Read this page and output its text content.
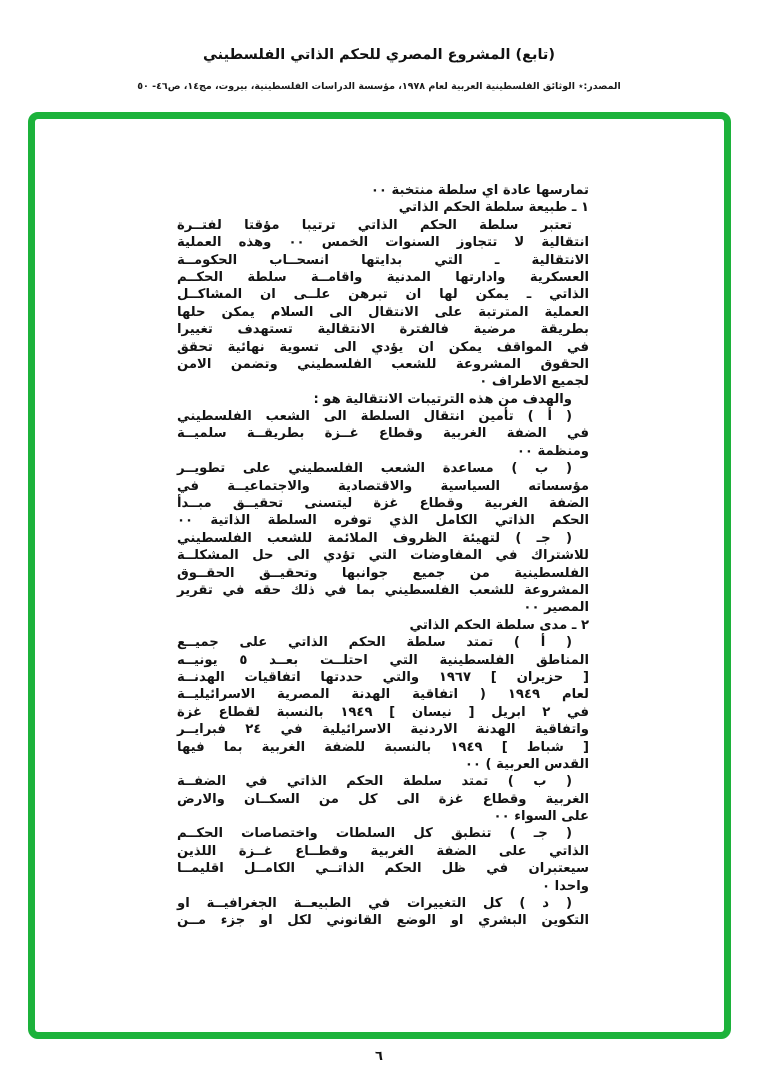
(تابع) المشروع المصري للحكم الذاتي الفلسطيني
المصدر:٭ الوثائق الفلسطينية العربية لعام ١٩٧٨، مؤسسة الدراسات الفلسطينية، بيروت، مج١٤، ص٤٦- ٥٠
تمارسها عادة اي سلطة منتخبة ٠٠
١ ـ طبيعة سلطة الحكم الذاتي
تعتبر سلطة الحكم الذاتي ترتيبا مؤقتا لفتــرة
انتقالية لا تتجاوز السنوات الخمس ٠٠ وهذه العملية
الانتقالية ـ التي بدايتها انسحــاب الحكومــة
العسكرية وادارتها المدنية واقامــة سلطة الحكــم
الذاتي ـ يمكن لها ان تبرهن علــى ان المشاكــل
العملية المترتبة على الانتقال الى السلام يمكن حلها
بطريقة مرضية فالفترة الانتقالية تستهدف تغييرا
في المواقف يمكن ان يؤدي الى تسوية نهائية تحقق
الحقوق المشروعة للشعب الفلسطيني وتضمن الامن
لجميع الاطراف ٠
والهدف من هذه الترتيبات الانتقالية هو :
( أ ) تأمين انتقال السلطة الى الشعب الفلسطيني
في الضفة الغربية وقطاع غــزة بطريقــة سلميــة
ومنظمة ٠٠
( ب ) مساعدة الشعب الفلسطيني على تطويــر
مؤسساته السياسية والاقتصادية والاجتماعيــة في
الضفة الغربية وقطاع غزة ليتسنى تحقيــق مبــدأ
الحكم الذاتي الكامل الذي توفره السلطة الذاتية ٠٠
( جـ ) لتهيئة الظروف الملائمة للشعب الفلسطيني
للاشتراك في المفاوضات التي تؤدي الى حل المشكلــة
الفلسطينية من جميع جوانبها وتحقيــق الحقــوق
المشروعة للشعب الفلسطيني بما في ذلك حقه في تقرير
المصير ٠٠
٢ ـ مدى سلطة الحكم الذاتي
( أ ) تمتد سلطة الحكم الذاتي على جميــع
المناطق الفلسطينية التي احتلــت بعــد ٥ يونيــه
[ حزيران ] ١٩٦٧ والتي حددتها اتفاقيات الهدنــة
لعام ١٩٤٩ ( اتفاقية الهدنة المصرية الاسرائيليــة
في ٢ ابريل [ نيسان ] ١٩٤٩ بالنسبة لقطاع غزة
واتفاقية الهدنة الاردنية الاسرائيلية في ٢٤ فبرايــر
[ شباط ] ١٩٤٩ بالنسبة للضفة الغربية بما فيها
القدس العربية ) ٠٠
( ب ) تمتد سلطة الحكم الذاتي في الضفــة
الغربية وقطاع غزة الى كل من السكــان والارض
على السواء ٠٠
( جـ ) تنطبق كل السلطات واختصاصات الحكــم
الذاتي على الضفة الغربية وقطــاع غــزة اللذين
سيعتبران في ظل الحكم الذاتــي الكامــل اقليمــا
واحدا ٠
( د ) كل التغييرات في الطبيعــة الجغرافيــة او
التكوين البشري او الوضع القانوني لكل او جزء مــن
٦
